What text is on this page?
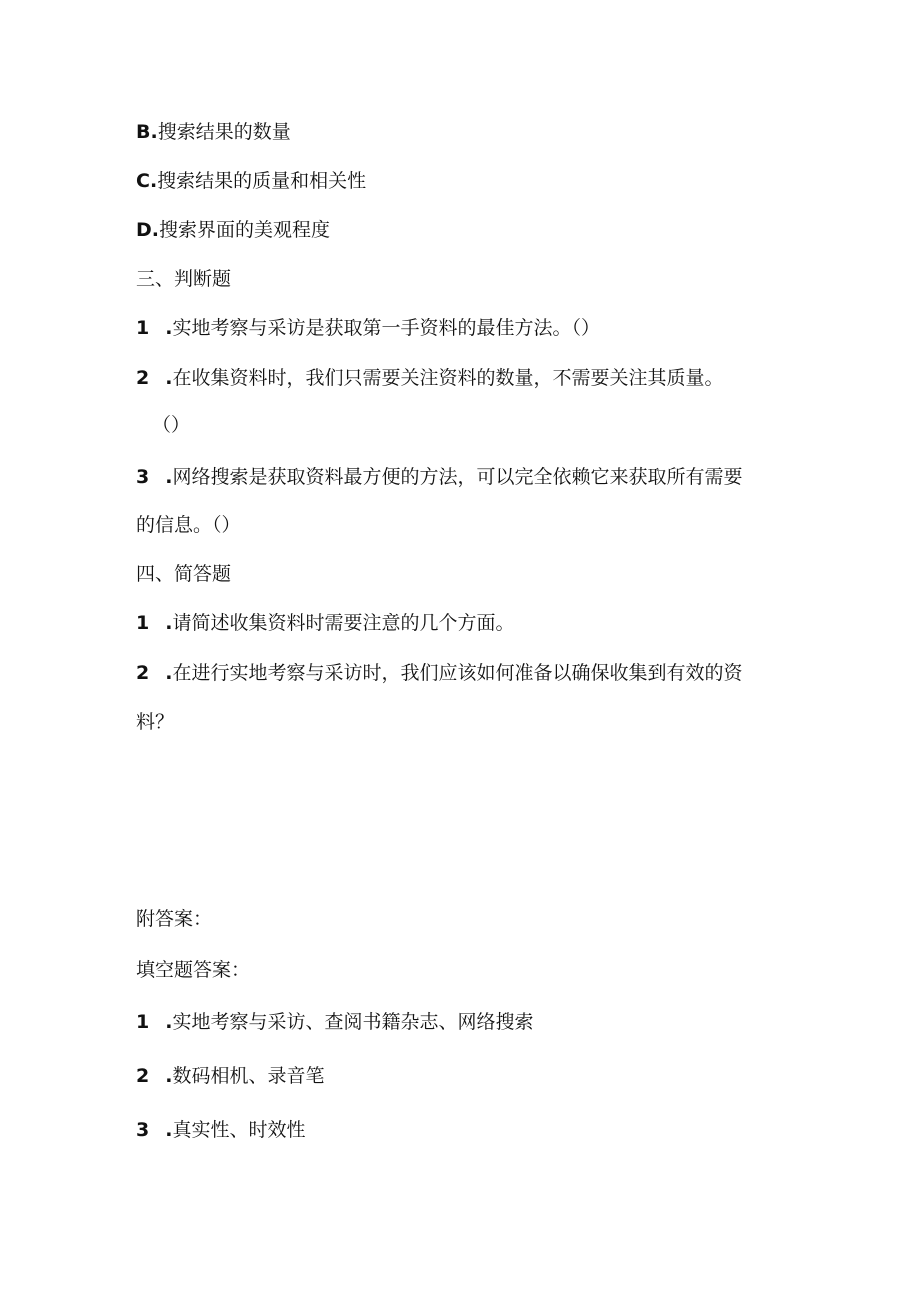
B.搜索结果的数量
C.搜索结果的质量和相关性
D.搜索界面的美观程度
三、判断题
1 .实地考察与采访是获取第一手资料的最佳方法。（）
2 .在收集资料时，我们只需要关注资料的数量，不需要关注其质量。
（）
3 .网络搜索是获取资料最方便的方法，可以完全依赖它来获取所有需要
的信息。（）
四、简答题
1 .请简述收集资料时需要注意的几个方面。
2 .在进行实地考察与采访时，我们应该如何准备以确保收集到有效的资
料？
附答案：
填空题答案：
1 .实地考察与采访、查阅书籍杂志、网络搜索
2 .数码相机、录音笔
3 .真实性、时效性
